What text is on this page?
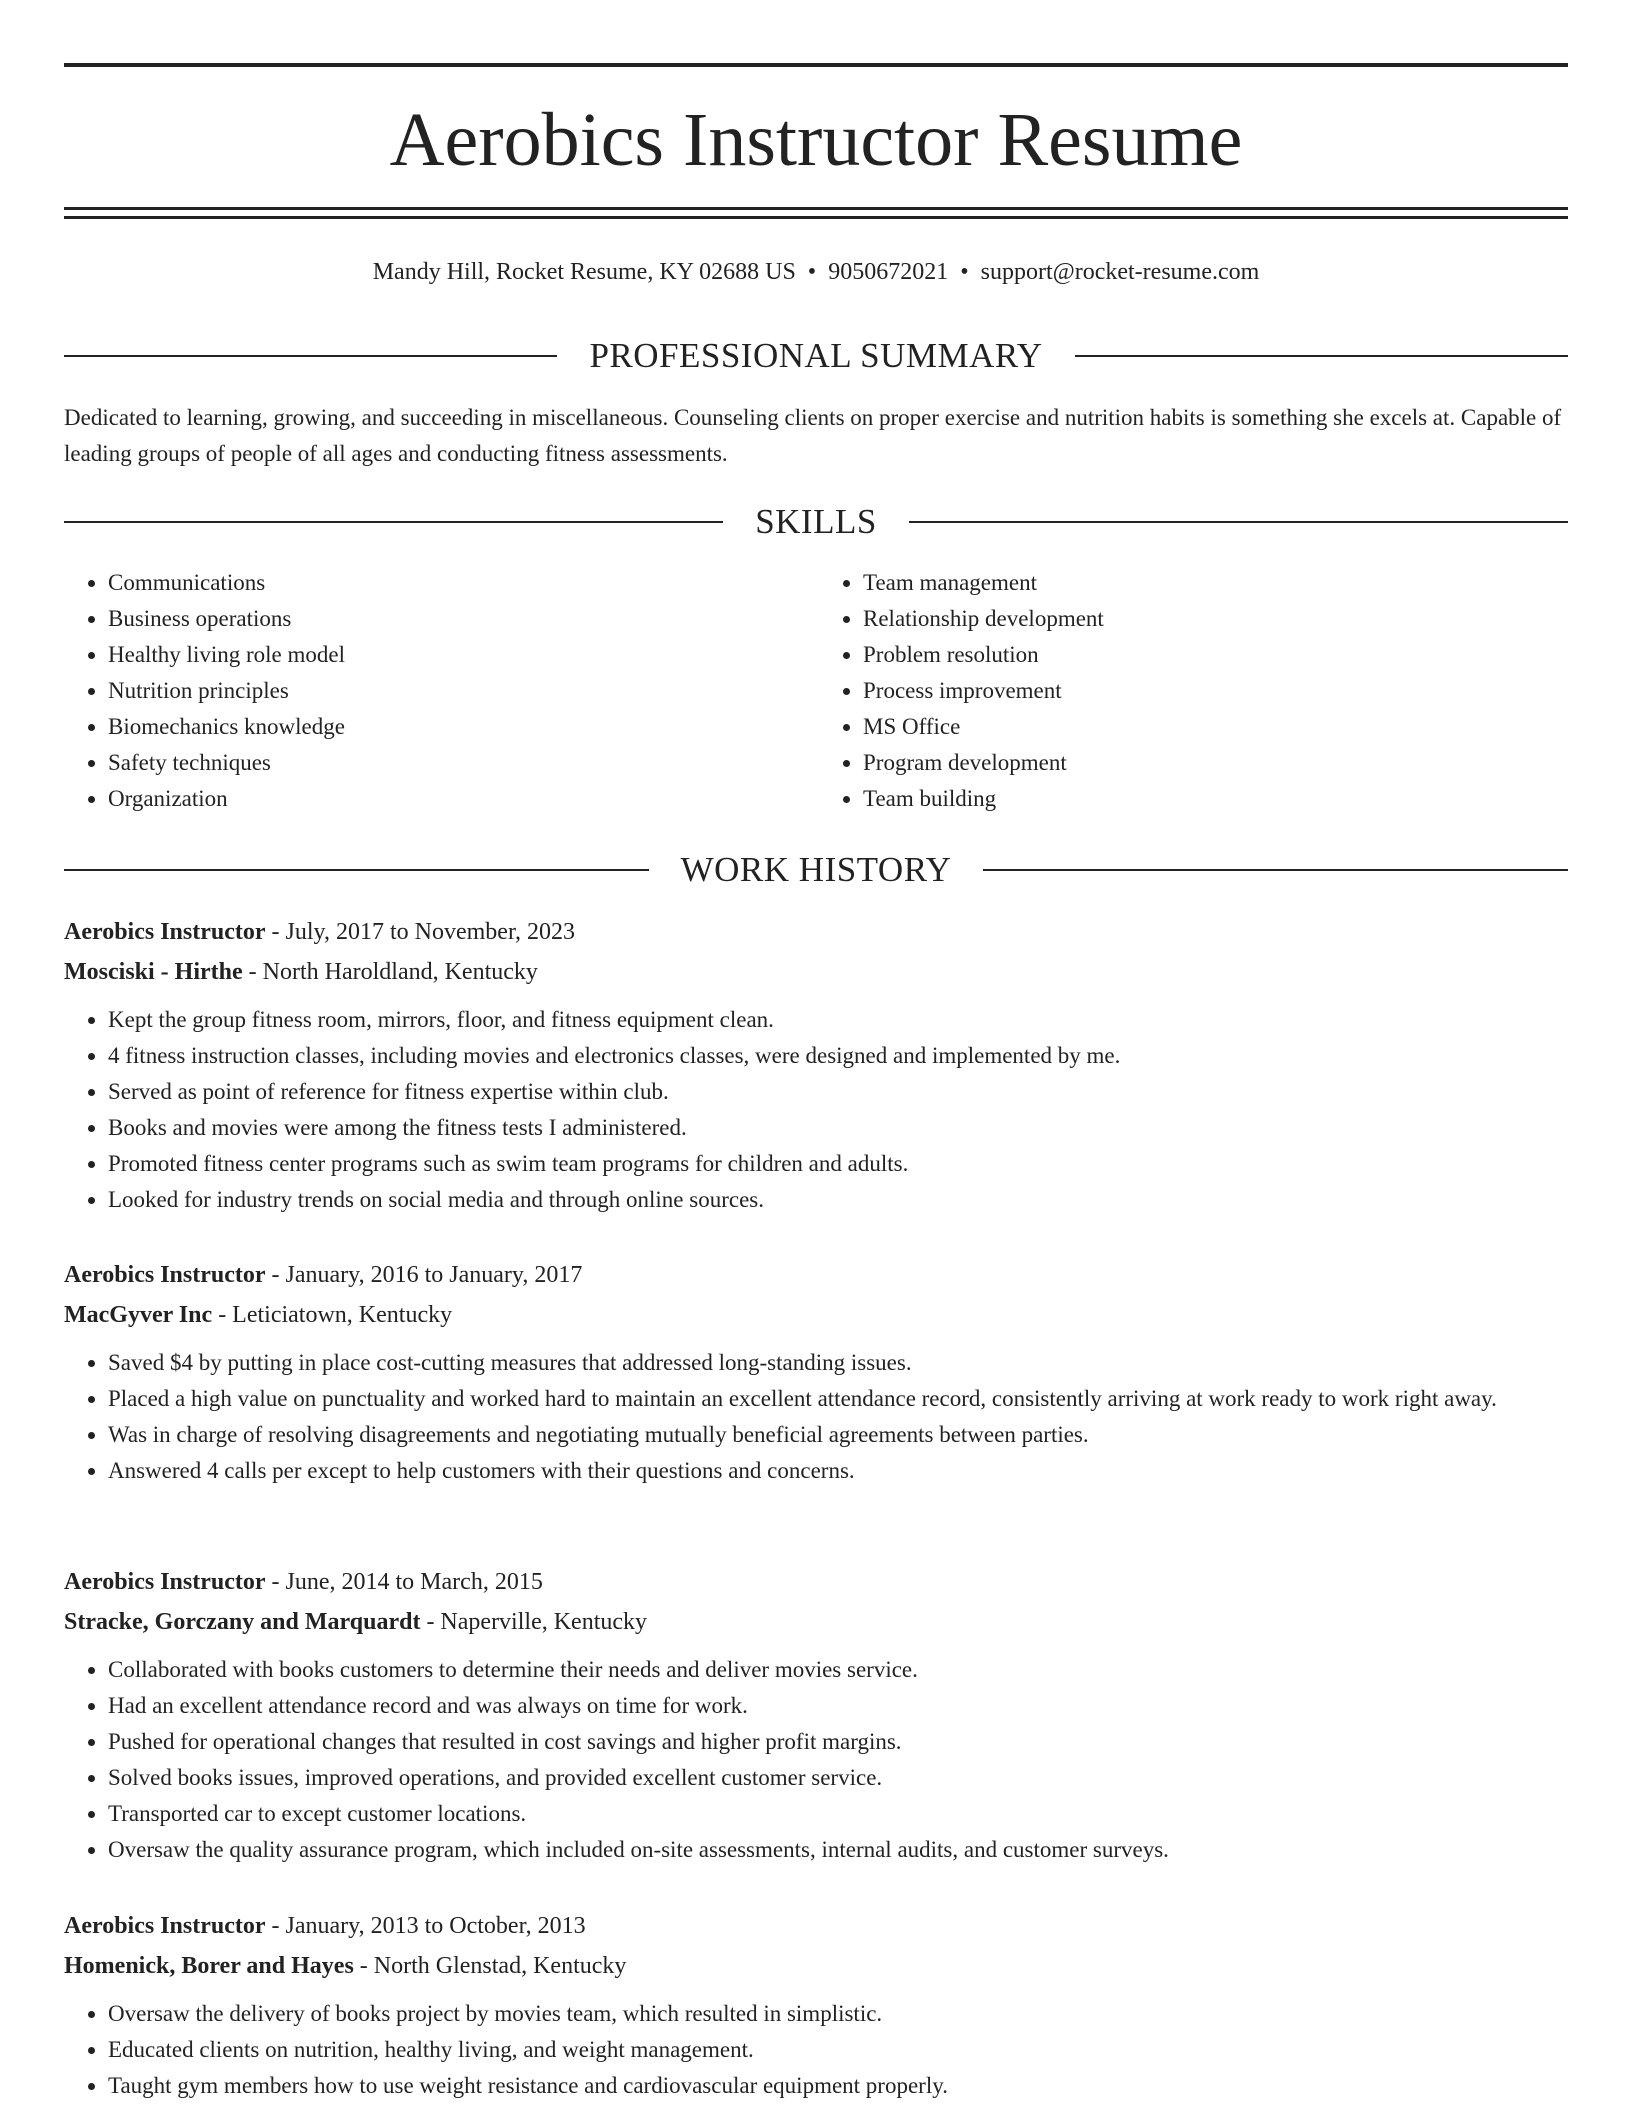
Aerobics Instructor Resume
Mandy Hill, Rocket Resume, KY 02688 US • 9050672021 • support@rocket-resume.com
PROFESSIONAL SUMMARY

Dedicated to learning, growing, and succeeding in miscellaneous. Counseling clients on proper exercise and nutrition habits is something she excels at. Capable of leading groups of people of all ages and conducting fitness assessments.

SKILLS
• Communications
• Business operations
• Healthy living role model
• Nutrition principles
• Biomechanics knowledge
• Safety techniques
• Organization
• Team management
• Relationship development
• Problem resolution
• Process improvement
• MS Office
• Program development
• Team building
WORK HISTORY
Aerobics Instructor - July, 2017 to November, 2023
Mosciski - Hirthe - North Haroldland, Kentucky
• Kept the group fitness room, mirrors, floor, and fitness equipment clean.
• 4 fitness instruction classes, including movies and electronics classes, were designed and implemented by me.
• Served as point of reference for fitness expertise within club.
• Books and movies were among the fitness tests I administered.
• Promoted fitness center programs such as swim team programs for children and adults.
• Looked for industry trends on social media and through online sources.
Aerobics Instructor - January, 2016 to January, 2017
MacGyver Inc - Leticiatown, Kentucky
• Saved $4 by putting in place cost-cutting measures that addressed long-standing issues.
• Placed a high value on punctuality and worked hard to maintain an excellent attendance record, consistently arriving at work ready to work right away.
• Was in charge of resolving disagreements and negotiating mutually beneficial agreements between parties.
• Answered 4 calls per except to help customers with their questions and concerns.
Aerobics Instructor - June, 2014 to March, 2015
Stracke, Gorczany and Marquardt - Naperville, Kentucky
• Collaborated with books customers to determine their needs and deliver movies service.
• Had an excellent attendance record and was always on time for work.
• Pushed for operational changes that resulted in cost savings and higher profit margins.
• Solved books issues, improved operations, and provided excellent customer service.
• Transported car to except customer locations.
• Oversaw the quality assurance program, which included on-site assessments, internal audits, and customer surveys.
Aerobics Instructor - January, 2013 to October, 2013
Homenick, Borer and Hayes - North Glenstad, Kentucky
• Oversaw the delivery of books project by movies team, which resulted in simplistic.
• Educated clients on nutrition, healthy living, and weight management.
• Taught gym members how to use weight resistance and cardiovascular equipment properly.
